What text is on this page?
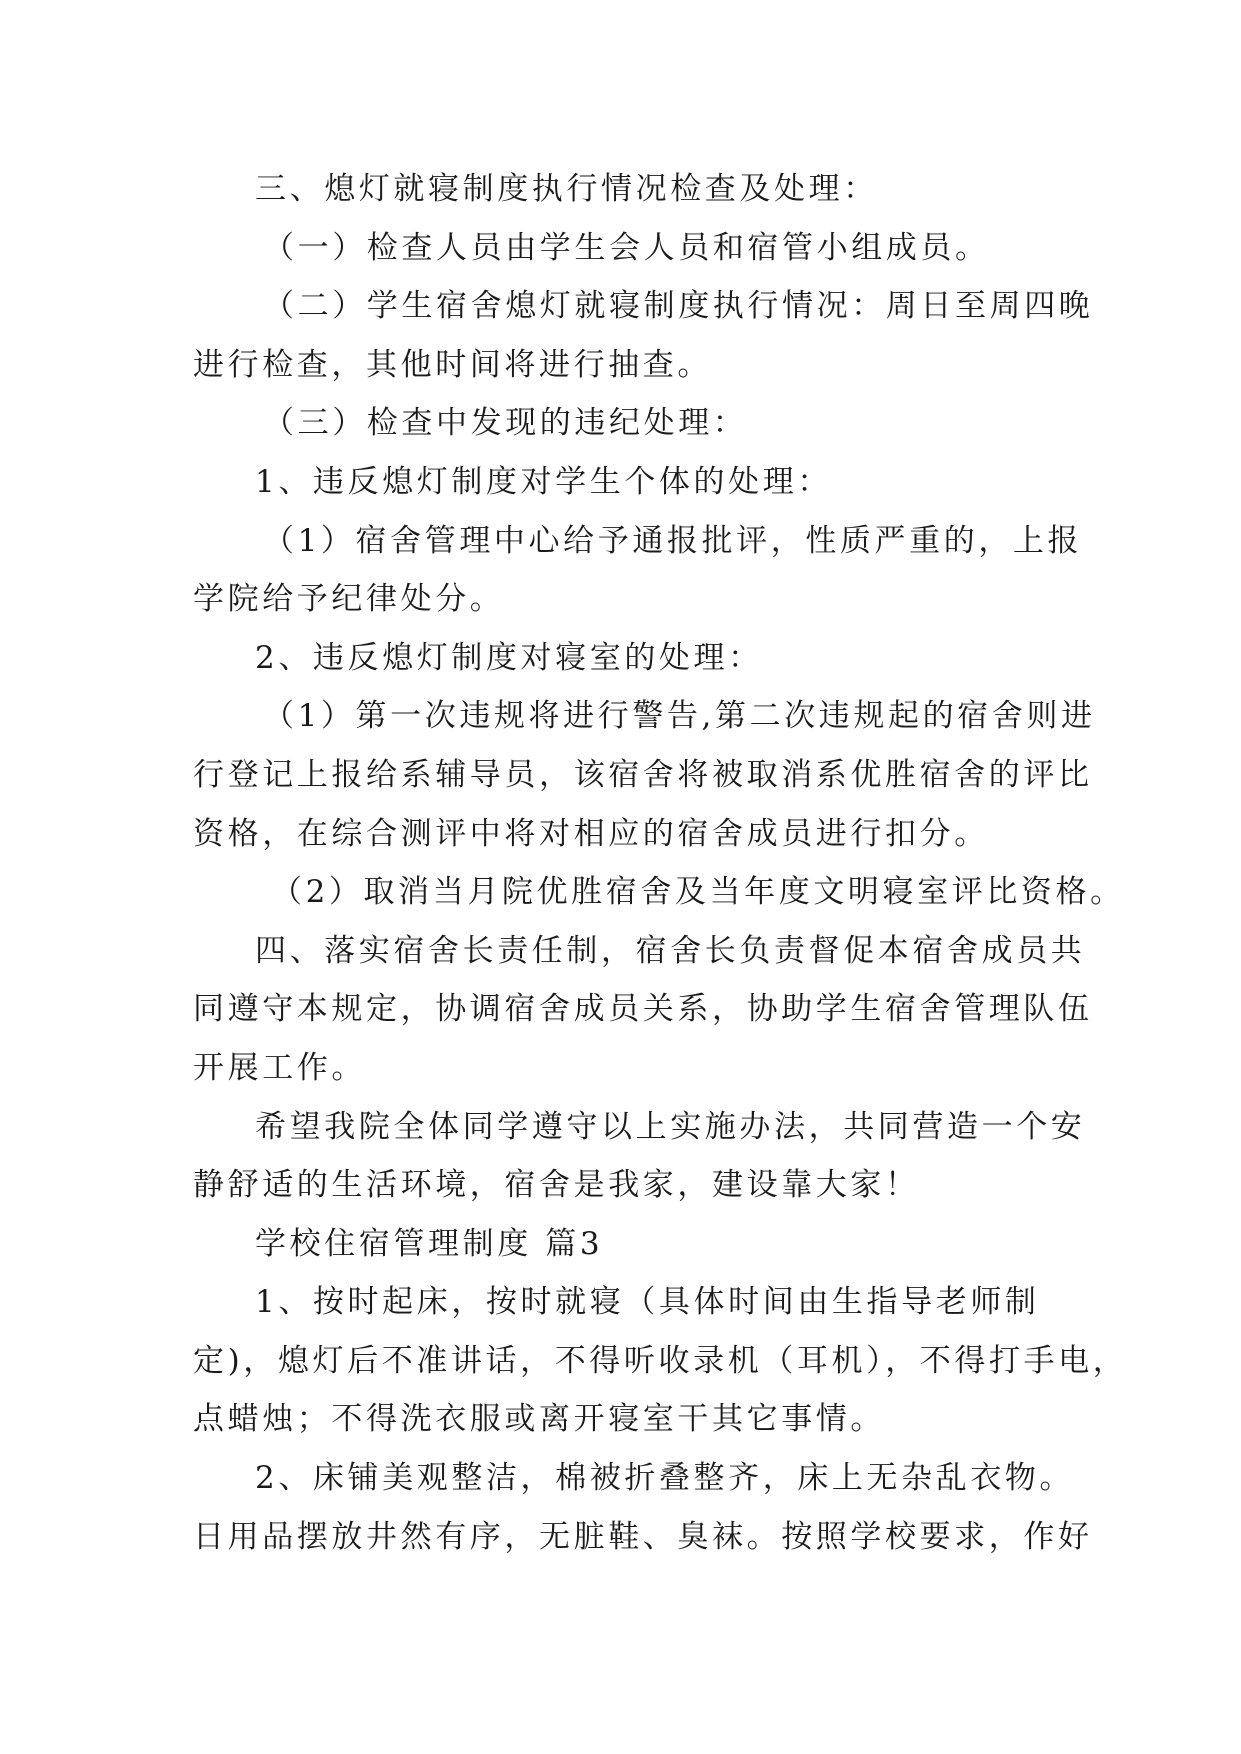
三、熄灯就寝制度执行情况检查及处理：
（一）检查人员由学生会人员和宿管小组成员。
（二）学生宿舍熄灯就寝制度执行情况：周日至周四晚
进行检查，其他时间将进行抽查。
（三）检查中发现的违纪处理：
1、违反熄灯制度对学生个体的处理：
（1）宿舍管理中心给予通报批评，性质严重的，上报
学院给予纪律处分。
2、违反熄灯制度对寝室的处理：
（1）第一次违规将进行警告,第二次违规起的宿舍则进
行登记上报给系辅导员，该宿舍将被取消系优胜宿舍的评比
资格，在综合测评中将对相应的宿舍成员进行扣分。
（2）取消当月院优胜宿舍及当年度文明寝室评比资格。
四、落实宿舍长责任制，宿舍长负责督促本宿舍成员共
同遵守本规定，协调宿舍成员关系，协助学生宿舍管理队伍
开展工作。
希望我院全体同学遵守以上实施办法，共同营造一个安
静舒适的生活环境，宿舍是我家，建设靠大家！
学校住宿管理制度 篇3
1、按时起床，按时就寝（具体时间由生指导老师制
定)，熄灯后不准讲话，不得听收录机（耳机），不得打手电，
点蜡烛；不得洗衣服或离开寝室干其它事情。
2、床铺美观整洁，棉被折叠整齐，床上无杂乱衣物。
日用品摆放井然有序，无脏鞋、臭袜。按照学校要求，作好
